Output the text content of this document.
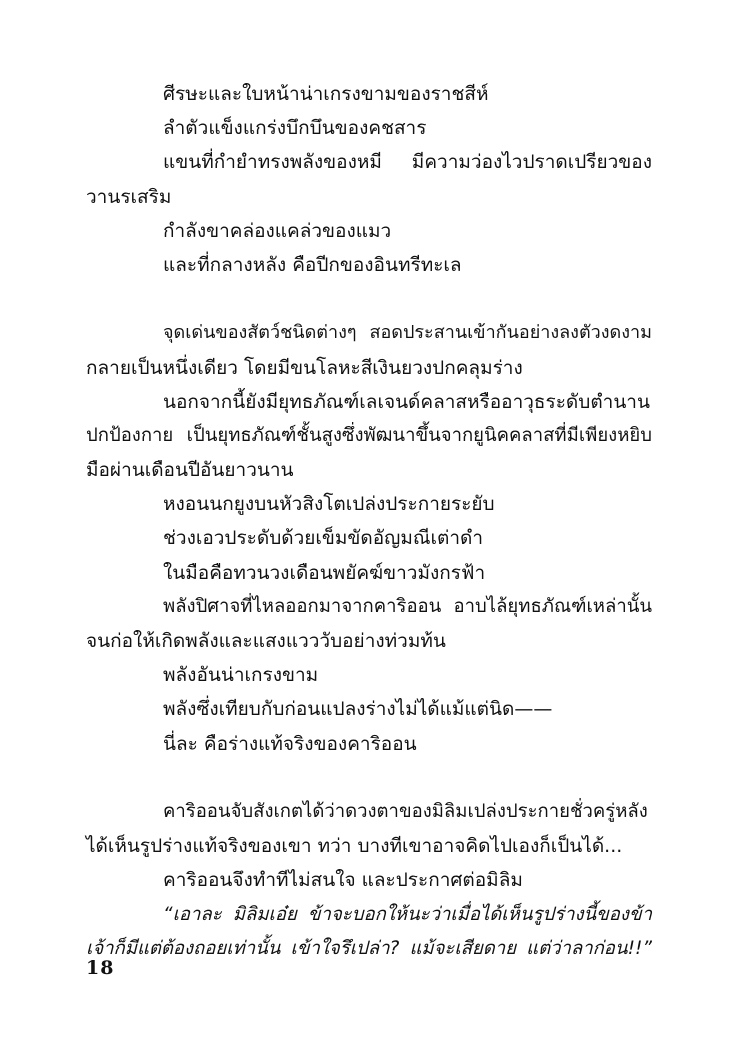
ศีรษะและใบหน้าน่าเกรงขามของราชสีห์
ลำตัวแข็งแกร่งบึกบึนของคชสาร
แขนที่กำยำทรงพลังของหมี มีความว่องไวปราดเปรียวของ
วานรเสริม
กำลังขาคล่องแคล่วของแมว
และที่กลางหลัง คือปีกของอินทรีทะเล
จุดเด่นของสัตว์ชนิดต่างๆ สอดประสานเข้ากันอย่างลงตัวงดงาม
กลายเป็นหนึ่งเดียว โดยมีขนโลหะสีเงินยวงปกคลุมร่าง
นอกจากนี้ยังมียุทธภัณฑ์เลเจนด์คลาสหรืออาวุธระดับตำนาน
ปกป้องกาย เป็นยุทธภัณฑ์ชั้นสูงซึ่งพัฒนาขึ้นจากยูนิคคลาสที่มีเพียงหยิบ
มือผ่านเดือนปีอันยาวนาน
หงอนนกยูงบนหัวสิงโตเปล่งประกายระยับ
ช่วงเอวประดับด้วยเข็มขัดอัญมณีเต่าดำ
ในมือคือทวนวงเดือนพยัคฆ์ขาวมังกรฟ้า
พลังปิศาจที่ไหลออกมาจากคาริออน อาบไล้ยุทธภัณฑ์เหล่านั้น
จนก่อให้เกิดพลังและแสงแวววับอย่างท่วมท้น
พลังอันน่าเกรงขาม
พลังซึ่งเทียบกับก่อนแปลงร่างไม่ได้แม้แต่นิด——
นี่ละ คือร่างแท้จริงของคาริออน
คาริออนจับสังเกตได้ว่าดวงตาของมิลิมเปล่งประกายชั่วครู่หลัง
ได้เห็นรูปร่างแท้จริงของเขา ทว่า บางทีเขาอาจคิดไปเองก็เป็นได้...
คาริออนจึงทำทีไม่สนใจ และประกาศต่อมิลิม
“เอาละ มิลิมเอ๋ย ข้าจะบอกให้นะว่าเมื่อได้เห็นรูปร่างนี้ของข้า
เจ้าก็มีแต่ต้องถอยเท่านั้น เข้าใจรึเปล่า? แม้จะเสียดาย แต่ว่าลาก่อน!!”
18
